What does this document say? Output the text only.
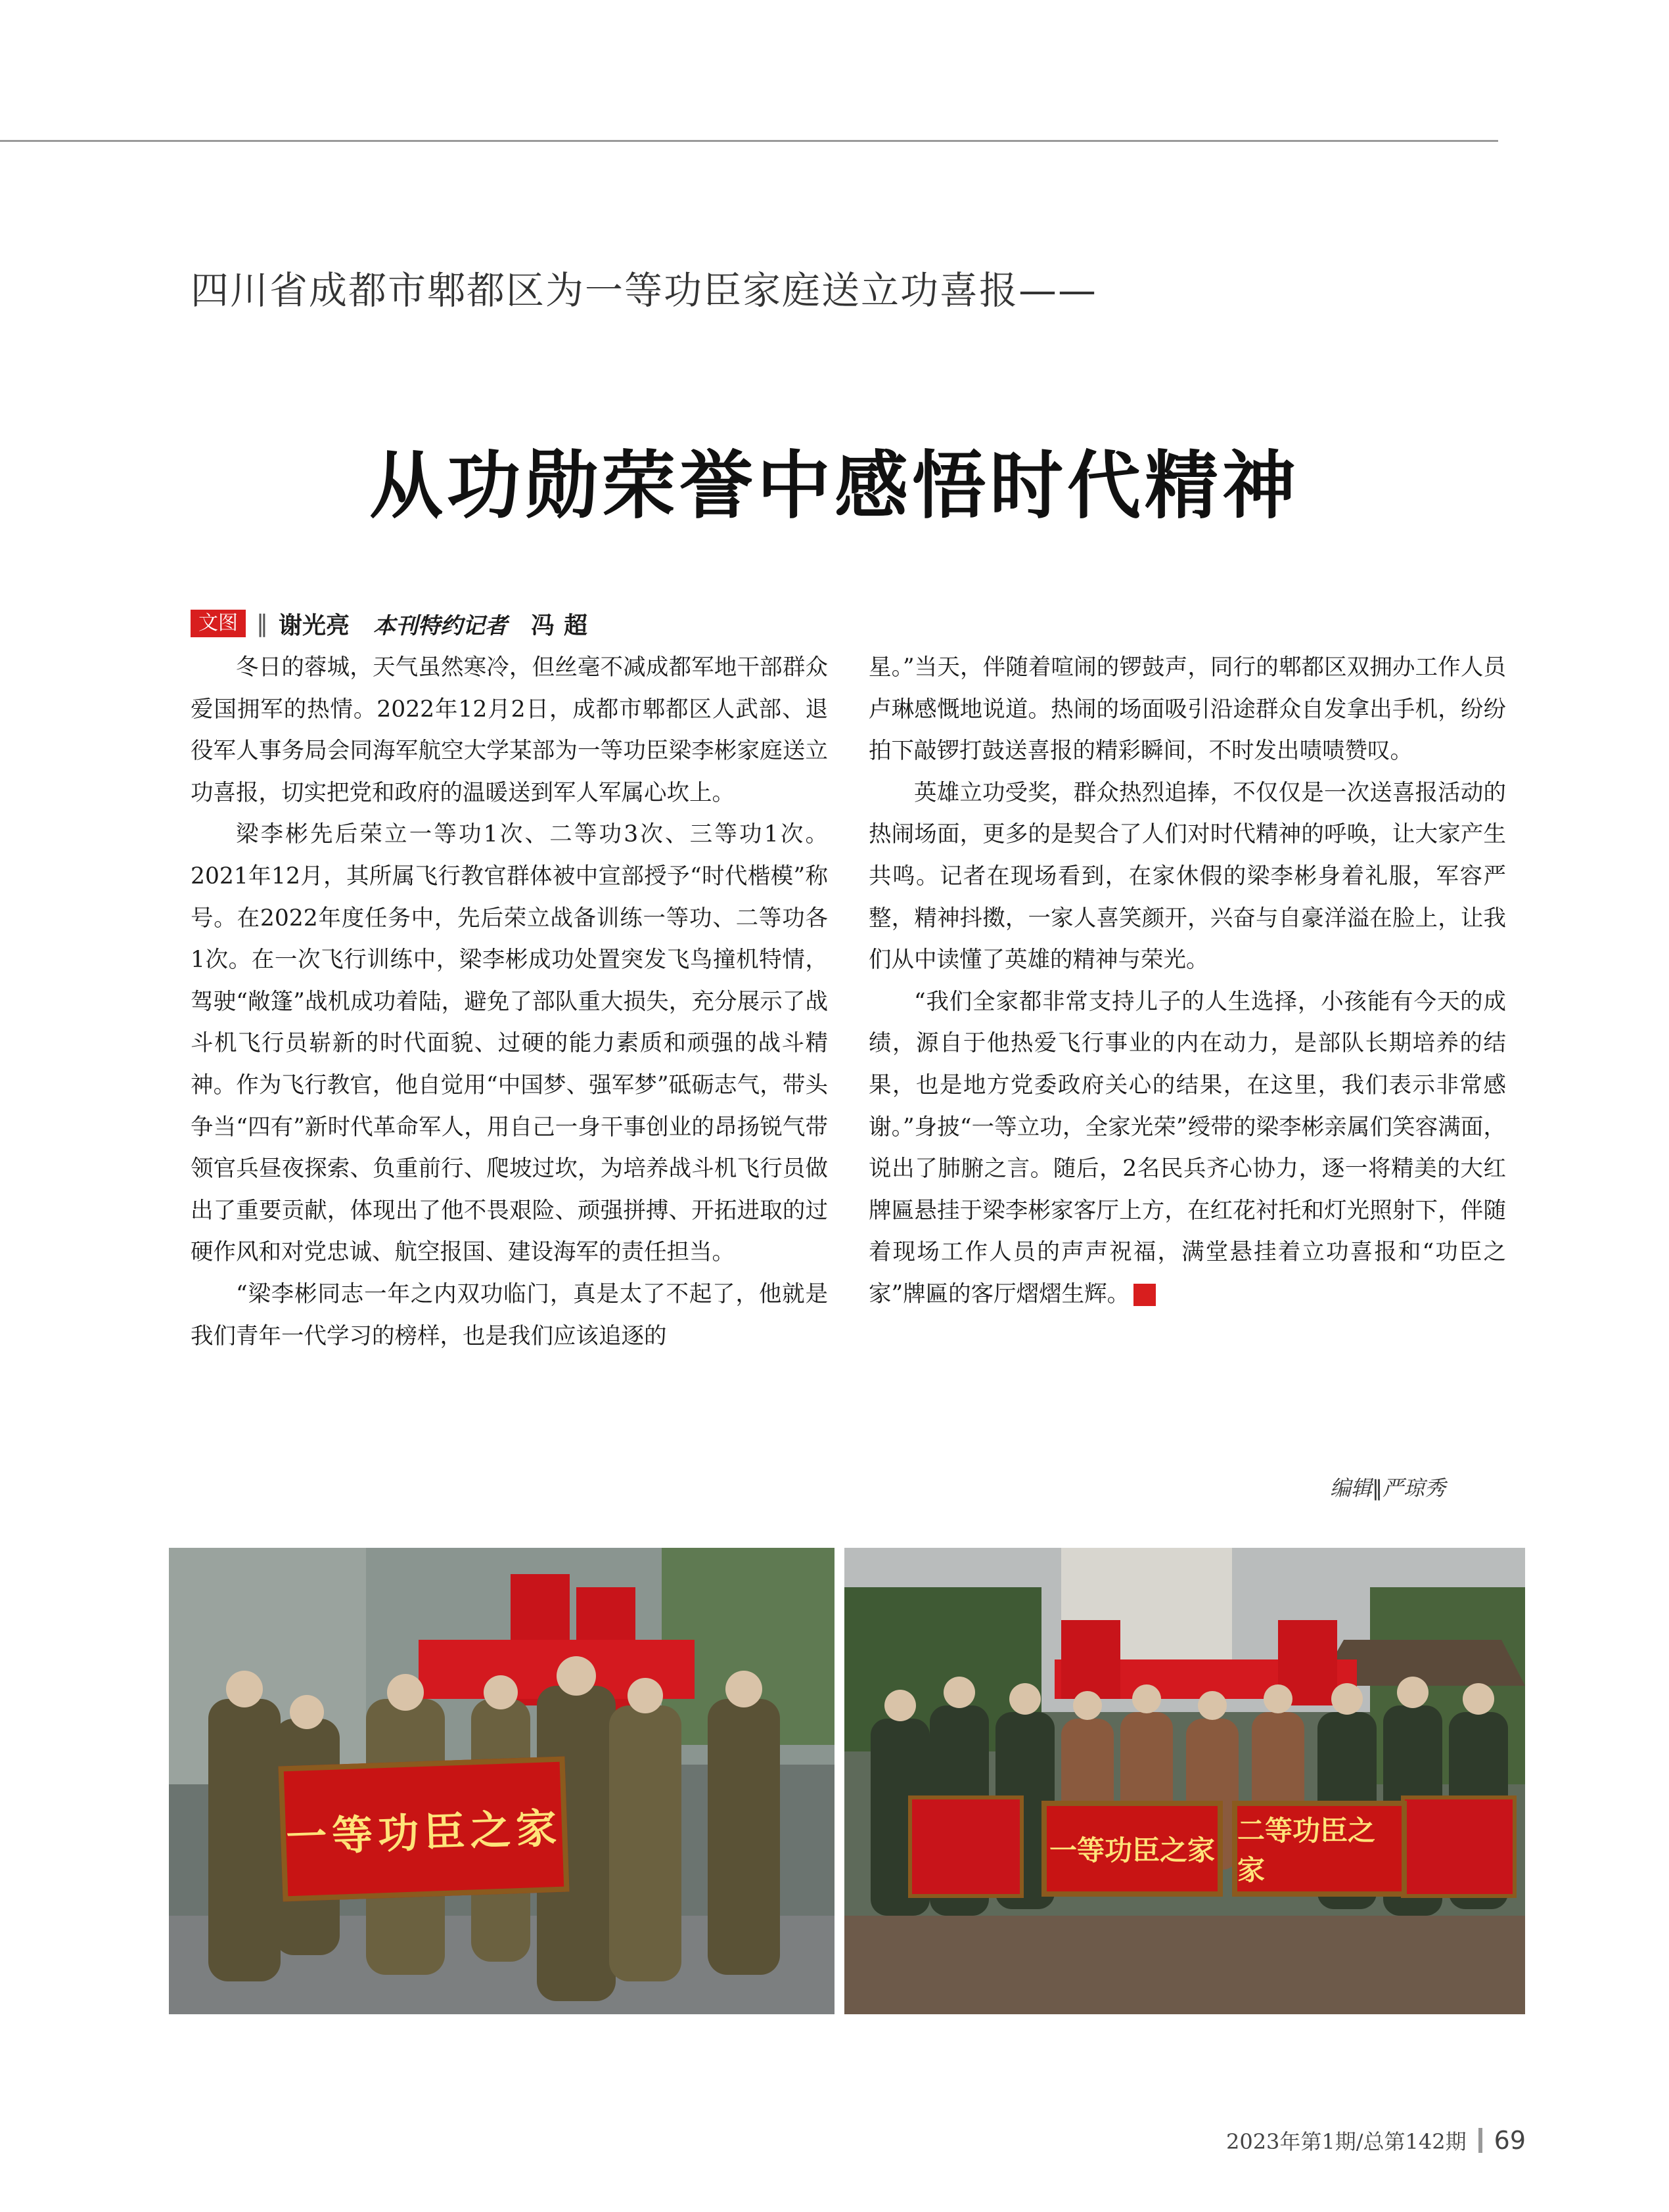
四川省成都市郫都区为一等功臣家庭送立功喜报——
从功勋荣誉中感悟时代精神
文图 ‖ 谢光亮 本刊特约记者 冯超

冬日的蓉城，天气虽然寒冷，但丝毫不减成都军地干部群众爱国拥军的热情。2022年12月2日，成都市郫都区人武部、退役军人事务局会同海军航空大学某部为一等功臣梁李彬家庭送立功喜报，切实把党和政府的温暖送到军人军属心坎上。

梁李彬先后荣立一等功1次、二等功3次、三等功1次。2021年12月，其所属飞行教官群体被中宣部授予“时代楷模”称号。在2022年度任务中，先后荣立战备训练一等功、二等功各1次。在一次飞行训练中，梁李彬成功处置突发飞鸟撞机特情，驾驶“敞篷”战机成功着陆，避免了部队重大损失，充分展示了战斗机飞行员崭新的时代面貌、过硬的能力素质和顽强的战斗精神。作为飞行教官，他自觉用“中国梦、强军梦”砥砺志气，带头争当“四有”新时代革命军人，用自己一身干事创业的昂扬锐气带领官兵昼夜探索、负重前行、爬坡过坎，为培养战斗机飞行员做出了重要贡献，体现出了他不畏艰险、顽强拼搏、开拓进取的过硬作风和对党忠诚、航空报国、建设海军的责任担当。

“梁李彬同志一年之内双功临门，真是太了不起了，他就是我们青年一代学习的榜样，也是我们应该追逐的

星。”当天，伴随着喧闹的锣鼓声，同行的郫都区双拥办工作人员卢琳感慨地说道。热闹的场面吸引沿途群众自发拿出手机，纷纷拍下敲锣打鼓送喜报的精彩瞬间，不时发出啧啧赞叹。

英雄立功受奖，群众热烈追捧，不仅仅是一次送喜报活动的热闹场面，更多的是契合了人们对时代精神的呼唤，让大家产生共鸣。记者在现场看到，在家休假的梁李彬身着礼服，军容严整，精神抖擞，一家人喜笑颜开，兴奋与自豪洋溢在脸上，让我们从中读懂了英雄的精神与荣光。

“我们全家都非常支持儿子的人生选择，小孩能有今天的成绩，源自于他热爱飞行事业的内在动力，是部队长期培养的结果，也是地方党委政府关心的结果，在这里，我们表示非常感谢。”身披“一等立功，全家光荣”绶带的梁李彬亲属们笑容满面，说出了肺腑之言。随后，2名民兵齐心协力，逐一将精美的大红牌匾悬挂于梁李彬家客厅上方，在红花衬托和灯光照射下，伴随着现场工作人员的声声祝福，满堂悬挂着立功喜报和“功臣之家”牌匾的客厅熠熠生辉。	G

编辑‖严琼秀
一等功臣之家	一等功臣之家
二等功臣之家
2023年第1期/总第142期 69
